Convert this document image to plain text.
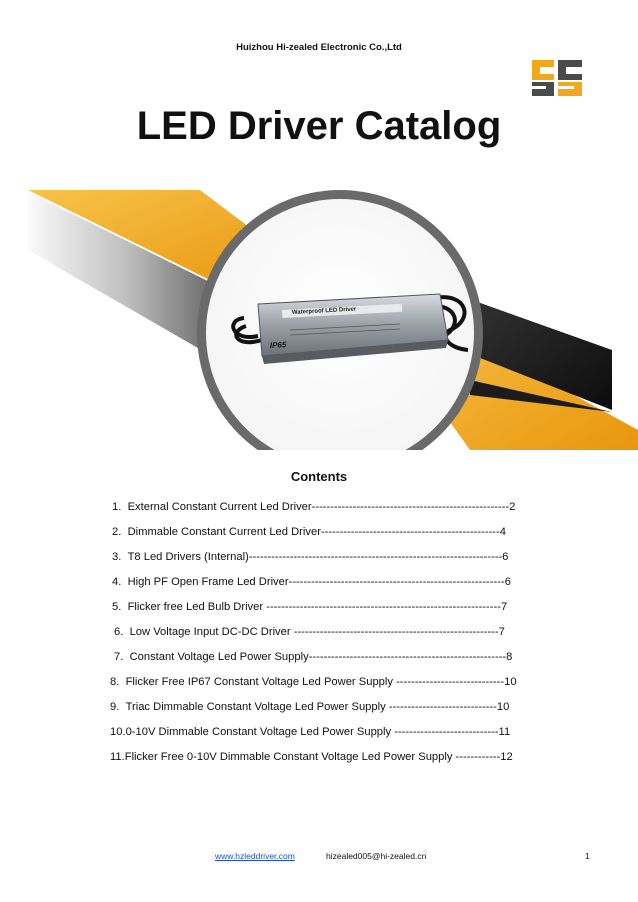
Huizhou Hi-zealed Electronic Co.,Ltd
LED Driver Catalog
Waterproof LED Driver
IP65
Contents
1. External Constant Current Led Driver-----------------------------------------------------2
2. Dimmable Constant Current Led Driver------------------------------------------------4
3. T8 Led Drivers (Internal)--------------------------------------------------------------------6
4. High PF Open Frame Led Driver----------------------------------------------------------6
5. Flicker free Led Bulb Driver ---------------------------------------------------------------7
6. Low Voltage Input DC-DC Driver -------------------------------------------------------7
7. Constant Voltage Led Power Supply-----------------------------------------------------8
8. Flicker Free IP67 Constant Voltage Led Power Supply -----------------------------10
9. Triac Dimmable Constant Voltage Led Power Supply -----------------------------10
10.0-10V Dimmable Constant Voltage Led Power Supply ----------------------------11
11.Flicker Free 0-10V Dimmable Constant Voltage Led Power Supply ------------12
www.hzleddriver.com	hizealed005@hi-zealed.cn	1
